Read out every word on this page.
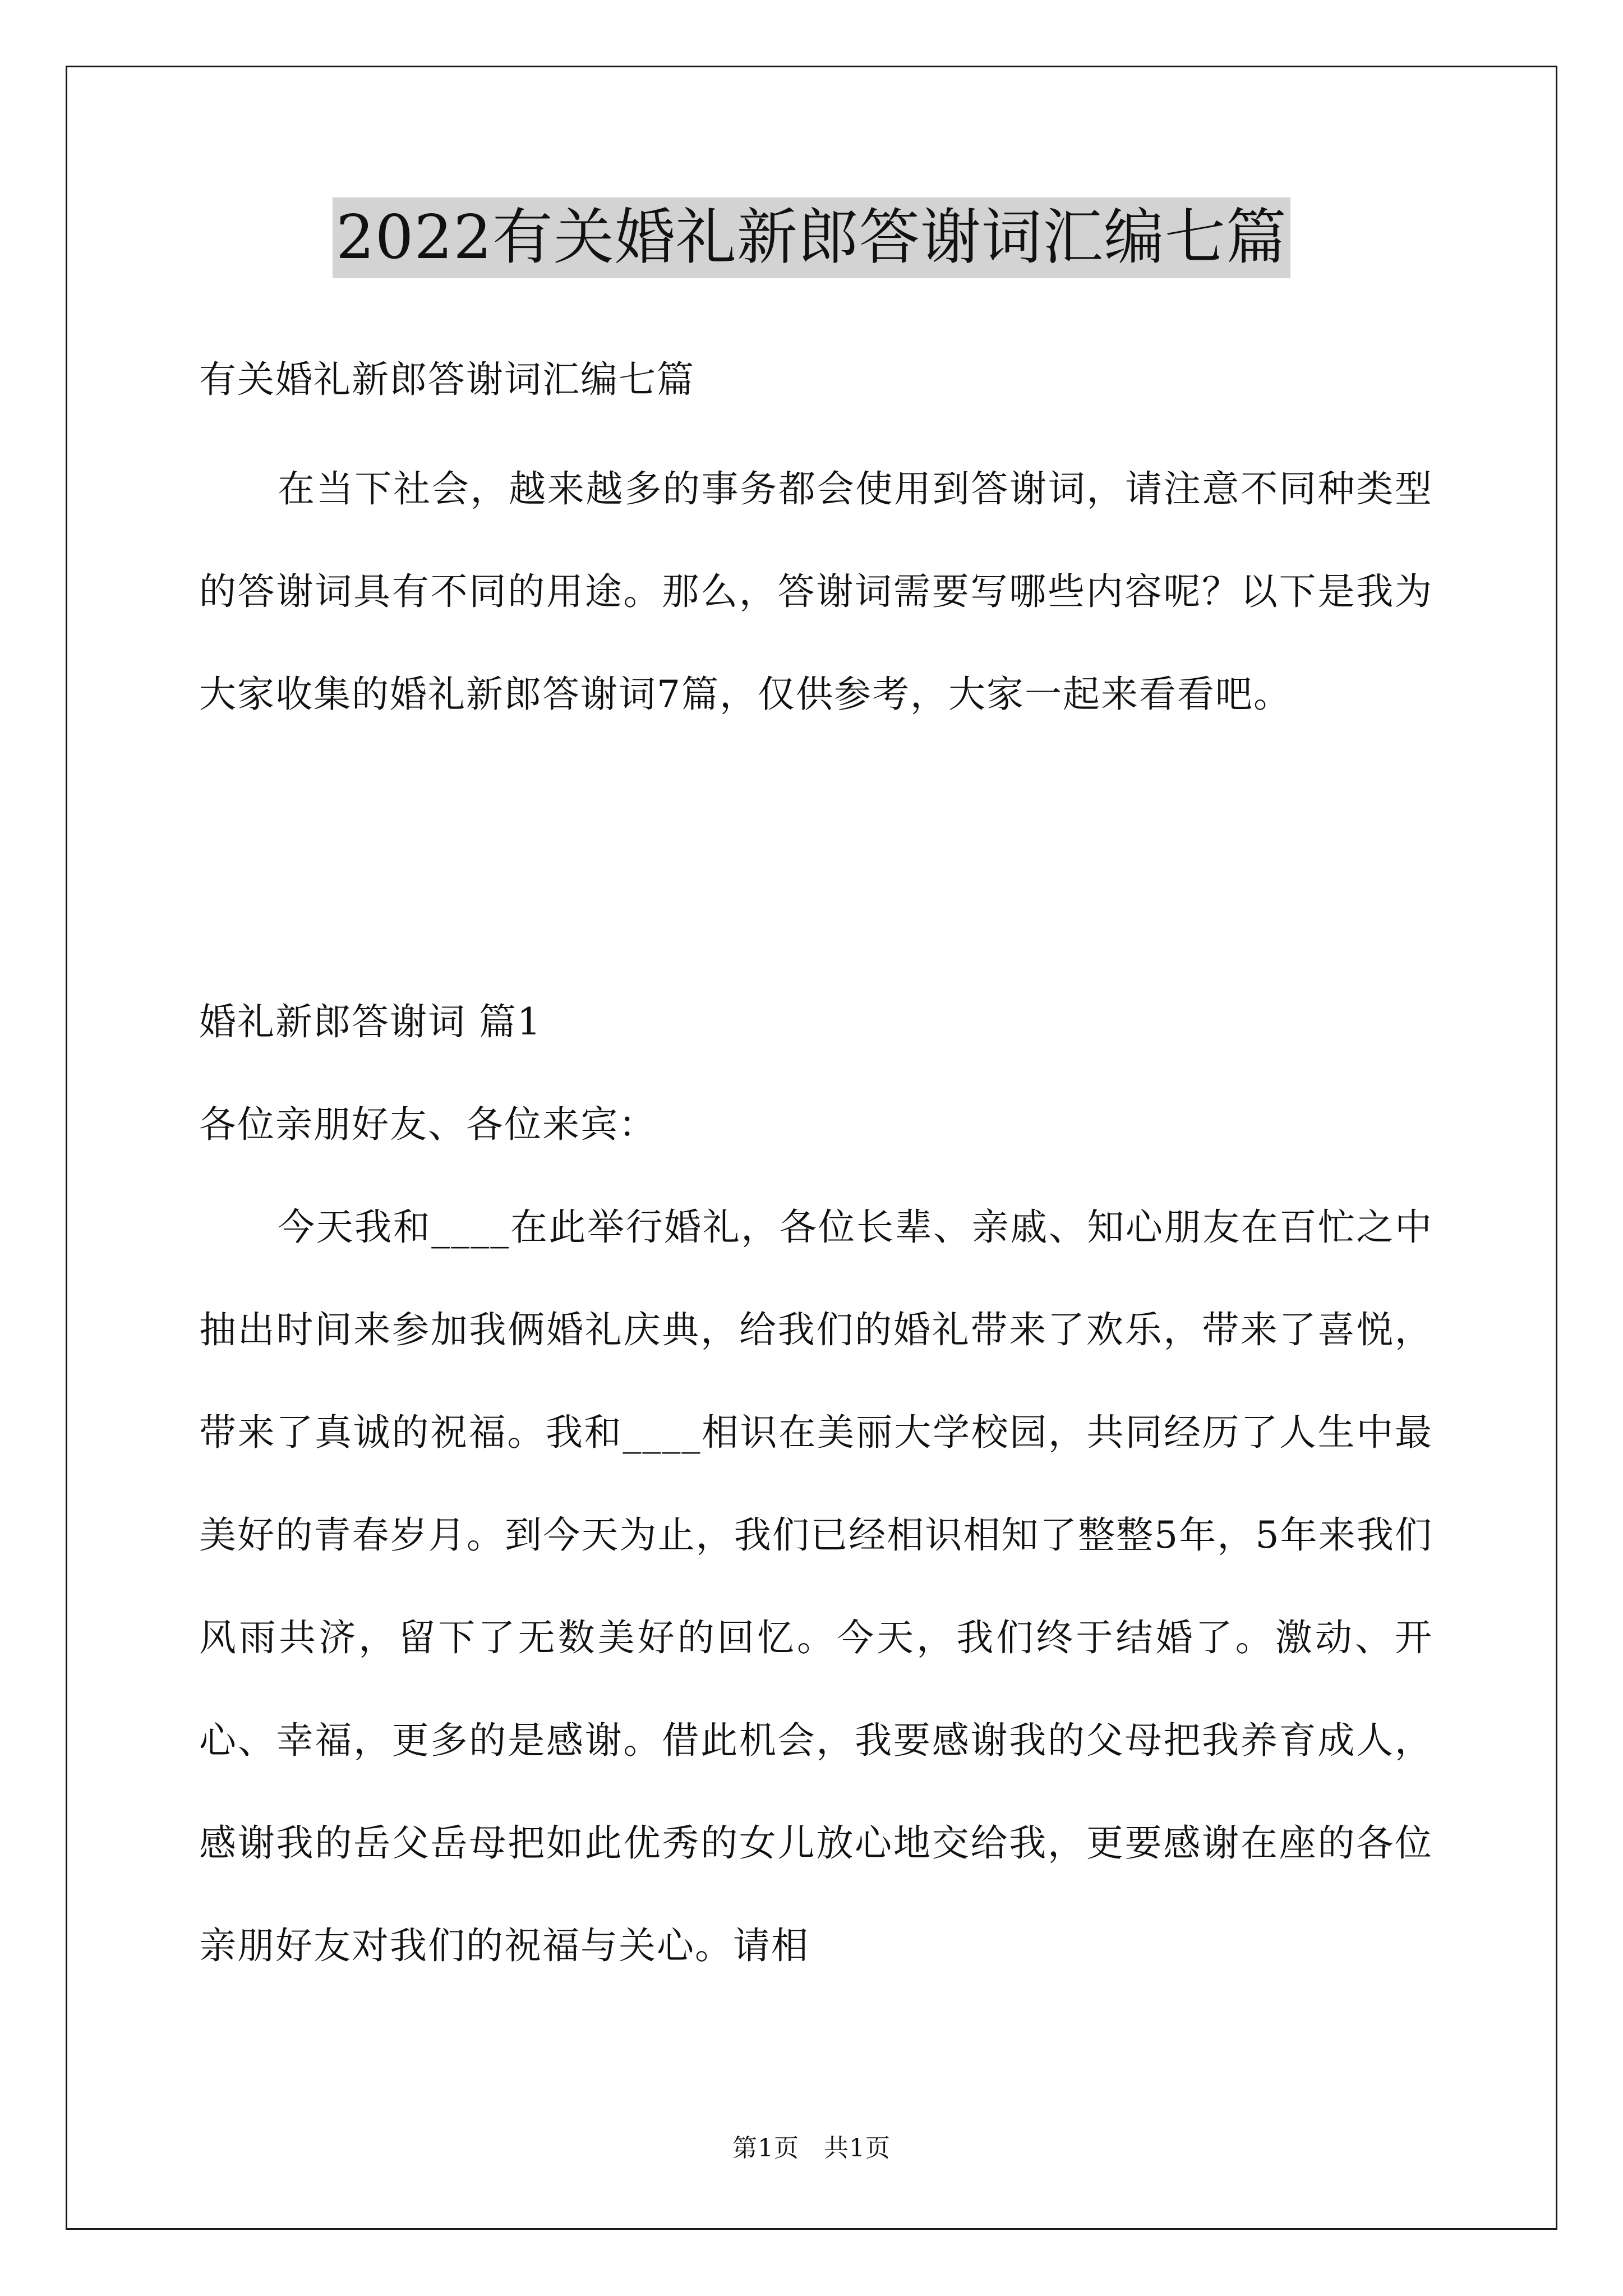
2022有关婚礼新郎答谢词汇编七篇

有关婚礼新郎答谢词汇编七篇

在当下社会，越来越多的事务都会使用到答谢词，请注意不同种类型的答谢词具有不同的用途。那么，答谢词需要写哪些内容呢？以下是我为大家收集的婚礼新郎答谢词7篇，仅供参考，大家一起来看看吧。

婚礼新郎答谢词 篇1

各位亲朋好友、各位来宾：

今天我和____在此举行婚礼，各位长辈、亲戚、知心朋友在百忙之中抽出时间来参加我俩婚礼庆典，给我们的婚礼带来了欢乐，带来了喜悦，带来了真诚的祝福。我和____相识在美丽大学校园，共同经历了人生中最美好的青春岁月。到今天为止，我们已经相识相知了整整5年，5年来我们风雨共济，留下了无数美好的回忆。今天，我们终于结婚了。激动、开心、幸福，更多的是感谢。借此机会，我要感谢我的父母把我养育成人，感谢我的岳父岳母把如此优秀的女儿放心地交给我，更要感谢在座的各位亲朋好友对我们的祝福与关心。请相

第1页 共1页
